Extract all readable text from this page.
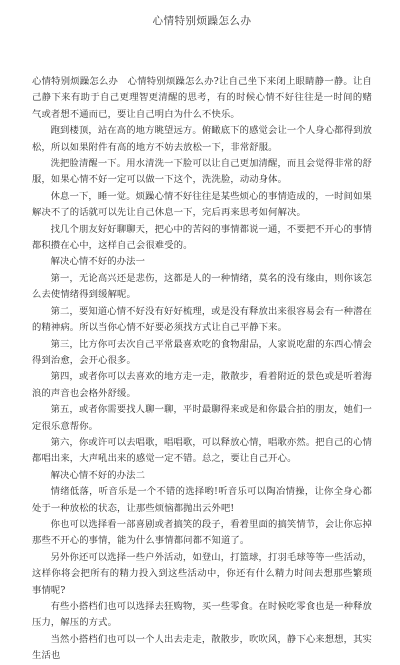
心情特别烦躁怎么办

心情特别烦躁怎么办　心情特别烦躁怎么办?让自己坐下来闭上眼睛静一静。让自己静下来有助于自己更理智更清醒的思考，有的时候心情不好往往是一时间的赌气或者想不通而已，要让自己明白为什么不快乐。

跑到楼顶，站在高的地方眺望远方。俯瞰底下的感觉会让一个人身心都得到放松，所以如果附件有高的地方不妨去放松一下，非常舒服。

洗把脸清醒一下。用水清洗一下脸可以让自己更加清醒，而且会觉得非常的舒服，如果心情不好一定可以做一下这个，洗洗脸，动动身体。

休息一下，睡一觉。烦躁心情不好往往是某些烦心的事情造成的，一时间如果解决不了的话就可以先让自己休息一下，完后再来思考如何解决。

找几个朋友好好聊聊天，把心中的苦闷的事情都说一通，不要把不开心的事情都积攒在心中，这样自己会很难受的。

解决心情不好的办法一

第一，无论高兴还是悲伤，这都是人的一种情绪，莫名的没有缘由，则你该怎么去使情绪得到缓解呢。

第二，要知道心情不好没有好好梳理，或是没有释放出来很容易会有一种潜在的精神病。所以当你心情不好要必须找方式让自己平静下来。

第三，比方你可去次自己平常最喜欢吃的食物甜品，人家说吃甜的东西心情会得到治愈，会开心很多。

第四，或者你可以去喜欢的地方走一走，散散步，看着附近的景色或是听着海浪的声音也会格外舒缓。

第五，或者你需要找人聊一聊，平时最聊得来或是和你最合拍的朋友，她们一定很乐意帮你。

第六，你或许可以去唱歌，唱唱歌，可以释放心情，唱歌亦然。把自己的心情都唱出来，大声吼出来的感觉一定不错。总之，要让自己开心。

解决心情不好的办法二

情绪低落，听音乐是一个不错的选择哟!听音乐可以陶冶情操，让你全身心都处于一种放松的状态，让那些烦恼都抛出云外吧!

你也可以选择看一部喜剧或者搞笑的段子，看着里面的搞笑情节，会让你忘掉那些不开心的事情，能为什么事情都问都不知道了。

另外你还可以选择一些户外活动，如登山，打篮球，打羽毛球等等一些活动，这样你将会把所有的精力投入到这些活动中，你还有什么精力时间去想那些繁琐事情呢?

有些小搭档们也可以选择去狂购物，买一些零食。在时候吃零食也是一种释放压力，解压的方式。

当然小搭档们也可以一个人出去走走，散散步，吹吹风，静下心来想想，其实生活也
